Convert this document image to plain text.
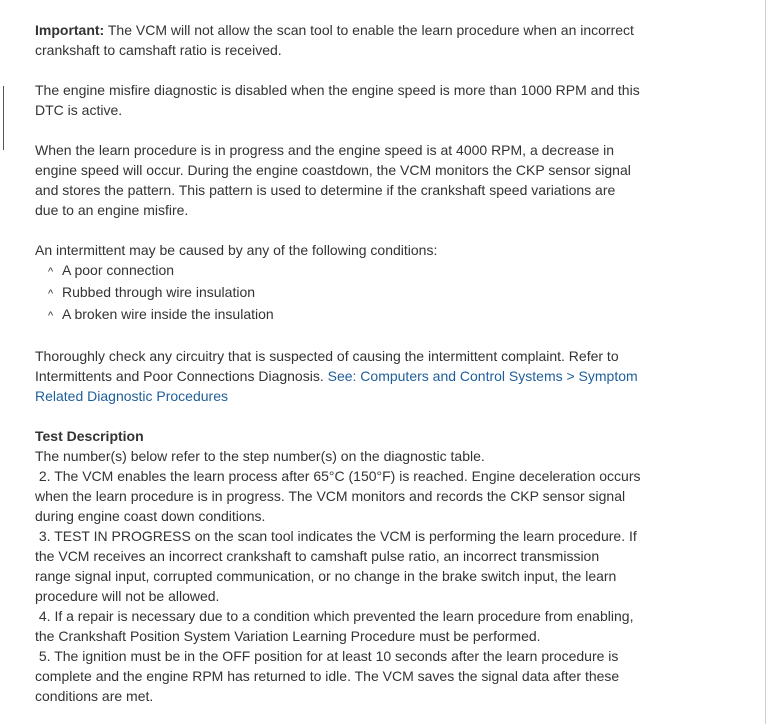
Important: The VCM will not allow the scan tool to enable the learn procedure when an incorrect
crankshaft to camshaft ratio is received.

The engine misfire diagnostic is disabled when the engine speed is more than 1000 RPM and this
DTC is active.

When the learn procedure is in progress and the engine speed is at 4000 RPM, a decrease in
engine speed will occur. During the engine coastdown, the VCM monitors the CKP sensor signal
and stores the pattern. This pattern is used to determine if the crankshaft speed variations are
due to an engine misfire.

An intermittent may be caused by any of the following conditions:
^ A poor connection
^ Rubbed through wire insulation
^ A broken wire inside the insulation

Thoroughly check any circuitry that is suspected of causing the intermittent complaint. Refer to
Intermittents and Poor Connections Diagnosis. See: Computers and Control Systems > Symptom
Related Diagnostic Procedures

Test Description
The number(s) below refer to the step number(s) on the diagnostic table.
2. The VCM enables the learn process after 65°C (150°F) is reached. Engine deceleration occurs
when the learn procedure is in progress. The VCM monitors and records the CKP sensor signal
during engine coast down conditions.
3. TEST IN PROGRESS on the scan tool indicates the VCM is performing the learn procedure. If
the VCM receives an incorrect crankshaft to camshaft pulse ratio, an incorrect transmission
range signal input, corrupted communication, or no change in the brake switch input, the learn
procedure will not be allowed.
4. If a repair is necessary due to a condition which prevented the learn procedure from enabling,
the Crankshaft Position System Variation Learning Procedure must be performed.
5. The ignition must be in the OFF position for at least 10 seconds after the learn procedure is
complete and the engine RPM has returned to idle. The VCM saves the signal data after these
conditions are met.
